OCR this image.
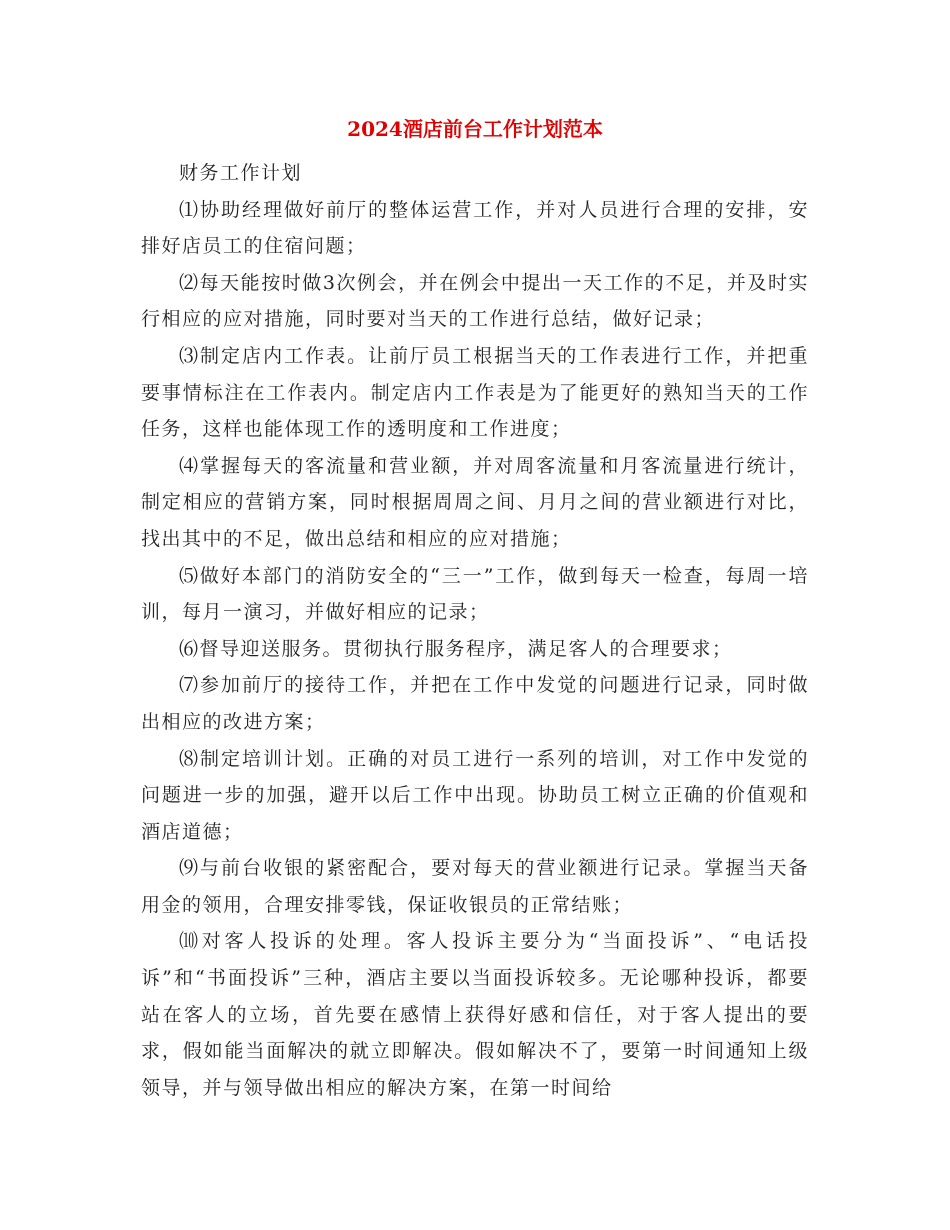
2024酒店前台工作计划范本

财务工作计划

⑴协助经理做好前厅的整体运营工作，并对人员进行合理的安排，安排好店员工的住宿问题；

⑵每天能按时做3次例会，并在例会中提出一天工作的不足，并及时实行相应的应对措施，同时要对当天的工作进行总结，做好记录；

⑶制定店内工作表。让前厅员工根据当天的工作表进行工作，并把重要事情标注在工作表内。制定店内工作表是为了能更好的熟知当天的工作任务，这样也能体现工作的透明度和工作进度；

⑷掌握每天的客流量和营业额，并对周客流量和月客流量进行统计，制定相应的营销方案，同时根据周周之间、月月之间的营业额进行对比，找出其中的不足，做出总结和相应的应对措施；

⑸做好本部门的消防安全的“三一”工作，做到每天一检查，每周一培训，每月一演习，并做好相应的记录；

⑹督导迎送服务。贯彻执行服务程序，满足客人的合理要求；

⑺参加前厅的接待工作，并把在工作中发觉的问题进行记录，同时做出相应的改进方案；

⑻制定培训计划。正确的对员工进行一系列的培训，对工作中发觉的问题进一步的加强，避开以后工作中出现。协助员工树立正确的价值观和酒店道德；

⑼与前台收银的紧密配合，要对每天的营业额进行记录。掌握当天备用金的领用，合理安排零钱，保证收银员的正常结账；

⑽对客人投诉的处理。客人投诉主要分为“当面投诉”、“电话投诉”和“书面投诉”三种，酒店主要以当面投诉较多。无论哪种投诉，都要站在客人的立场，首先要在感情上获得好感和信任，对于客人提出的要求，假如能当面解决的就立即解决。假如解决不了，要第一时间通知上级领导，并与领导做出相应的解决方案，在第一时间给
